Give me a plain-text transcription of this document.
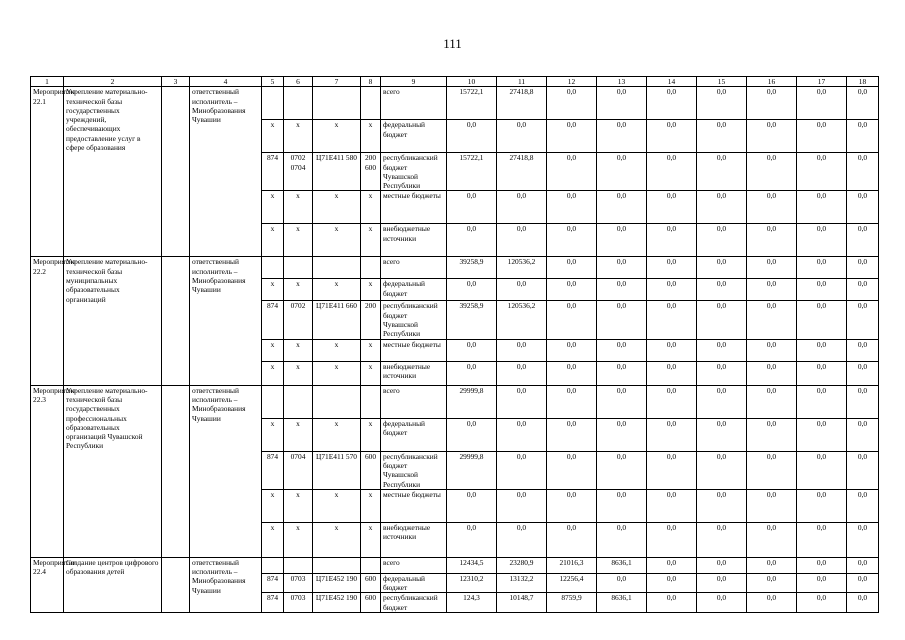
111
1	2	3	4	5	6	7	8	9	10	11	12	13	14	15	16	17	18
Мероприятие 22.1	Укрепление материально-технической базы государственных учреждений, обеспечивающих предоставление услуг в сфере образования		ответственный исполнитель – Минобразования Чувашии					всего	15722,1	27418,8	0,0	0,0	0,0	0,0	0,0	0,0	0,0
				х	х	х	х	федеральный бюджет	0,0	0,0	0,0	0,0	0,0	0,0	0,0	0,0	0,0
				874	0702 0704	Ц71Е411 580	200 600	республиканский бюджет Чувашской Республики	15722,1	27418,8	0,0	0,0	0,0	0,0	0,0	0,0	0,0
				х	х	х	х	местные бюджеты	0,0	0,0	0,0	0,0	0,0	0,0	0,0	0,0	0,0
				х	х	х	х	внебюджетные источники	0,0	0,0	0,0	0,0	0,0	0,0	0,0	0,0	0,0
Мероприятие 22.2	Укрепление материально-технической базы муниципальных образовательных организаций		ответственный исполнитель – Минобразования Чувашии					всего	39258,9	120536,2	0,0	0,0	0,0	0,0	0,0	0,0	0,0
				х	х	х	х	федеральный бюджет	0,0	0,0	0,0	0,0	0,0	0,0	0,0	0,0	0,0
				874	0702	Ц71Е411 660	200	республиканский бюджет Чувашской Республики	39258,9	120536,2	0,0	0,0	0,0	0,0	0,0	0,0	0,0
				х	х	х	х	местные бюджеты	0,0	0,0	0,0	0,0	0,0	0,0	0,0	0,0	0,0
				х	х	х	х	внебюджетные источники	0,0	0,0	0,0	0,0	0,0	0,0	0,0	0,0	0,0
Мероприятие 22.3	Укрепление материально-технической базы государственных профессиональных образовательных организаций Чувашской Республики		ответственный исполнитель – Минобразования Чувашии					всего	29999,8	0,0	0,0	0,0	0,0	0,0	0,0	0,0	0,0
				х	х	х	х	федеральный бюджет	0,0	0,0	0,0	0,0	0,0	0,0	0,0	0,0	0,0
				874	0704	Ц71Е411 570	600	республиканский бюджет Чувашской Республики	29999,8	0,0	0,0	0,0	0,0	0,0	0,0	0,0	0,0
				х	х	х	х	местные бюджеты	0,0	0,0	0,0	0,0	0,0	0,0	0,0	0,0	0,0
				х	х	х	х	внебюджетные источники	0,0	0,0	0,0	0,0	0,0	0,0	0,0	0,0	0,0
Мероприятие 22.4	Создание центров цифрового образования детей		ответственный исполнитель – Минобразования Чувашии					всего	12434,5	23280,9	21016,3	8636,1	0,0	0,0	0,0	0,0	0,0
				874	0703	Ц71Е452 190	600	федеральный бюджет	12310,2	13132,2	12256,4	0,0	0,0	0,0	0,0	0,0	0,0
				874	0703	Ц71Е452 190	600	республиканский бюджет	124,3	10148,7	8759,9	8636,1	0,0	0,0	0,0	0,0	0,0
